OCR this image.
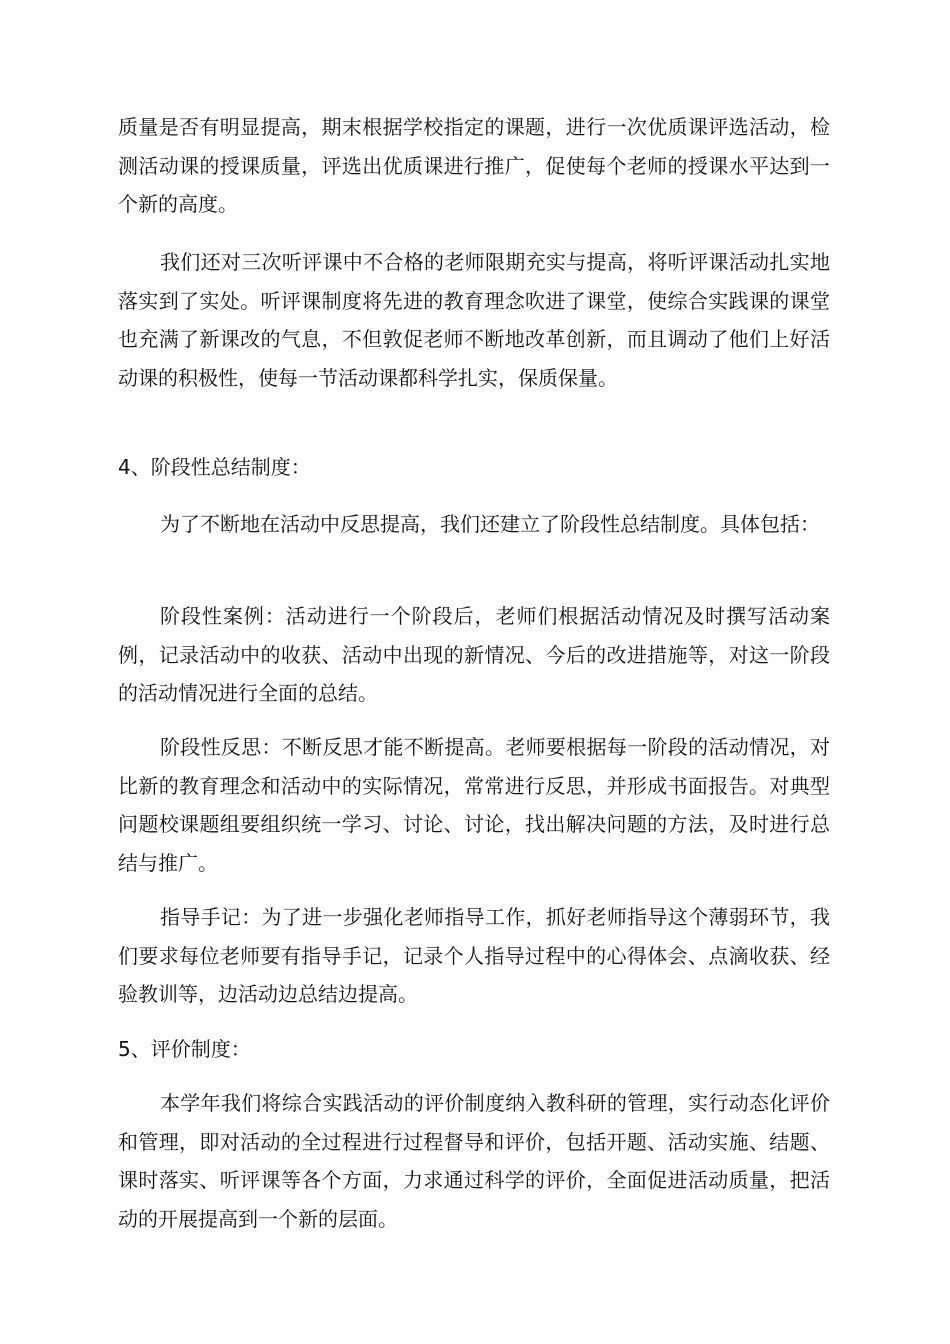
质量是否有明显提高，期末根据学校指定的课题，进行一次优质课评选活动，检测活动课的授课质量，评选出优质课进行推广，促使每个老师的授课水平达到一个新的高度。

我们还对三次听评课中不合格的老师限期充实与提高，将听评课活动扎实地落实到了实处。听评课制度将先进的教育理念吹进了课堂，使综合实践课的课堂也充满了新课改的气息，不但敦促老师不断地改革创新，而且调动了他们上好活动课的积极性，使每一节活动课都科学扎实，保质保量。

4、阶段性总结制度：

为了不断地在活动中反思提高，我们还建立了阶段性总结制度。具体包括：

阶段性案例：活动进行一个阶段后，老师们根据活动情况及时撰写活动案例，记录活动中的收获、活动中出现的新情况、今后的改进措施等，对这一阶段的活动情况进行全面的总结。

阶段性反思：不断反思才能不断提高。老师要根据每一阶段的活动情况，对比新的教育理念和活动中的实际情况，常常进行反思，并形成书面报告。对典型问题校课题组要组织统一学习、讨论、讨论，找出解决问题的方法，及时进行总结与推广。

指导手记：为了进一步强化老师指导工作，抓好老师指导这个薄弱环节，我们要求每位老师要有指导手记，记录个人指导过程中的心得体会、点滴收获、经验教训等，边活动边总结边提高。

5、评价制度：

本学年我们将综合实践活动的评价制度纳入教科研的管理，实行动态化评价和管理，即对活动的全过程进行过程督导和评价，包括开题、活动实施、结题、课时落实、听评课等各个方面，力求通过科学的评价，全面促进活动质量，把活动的开展提高到一个新的层面。
